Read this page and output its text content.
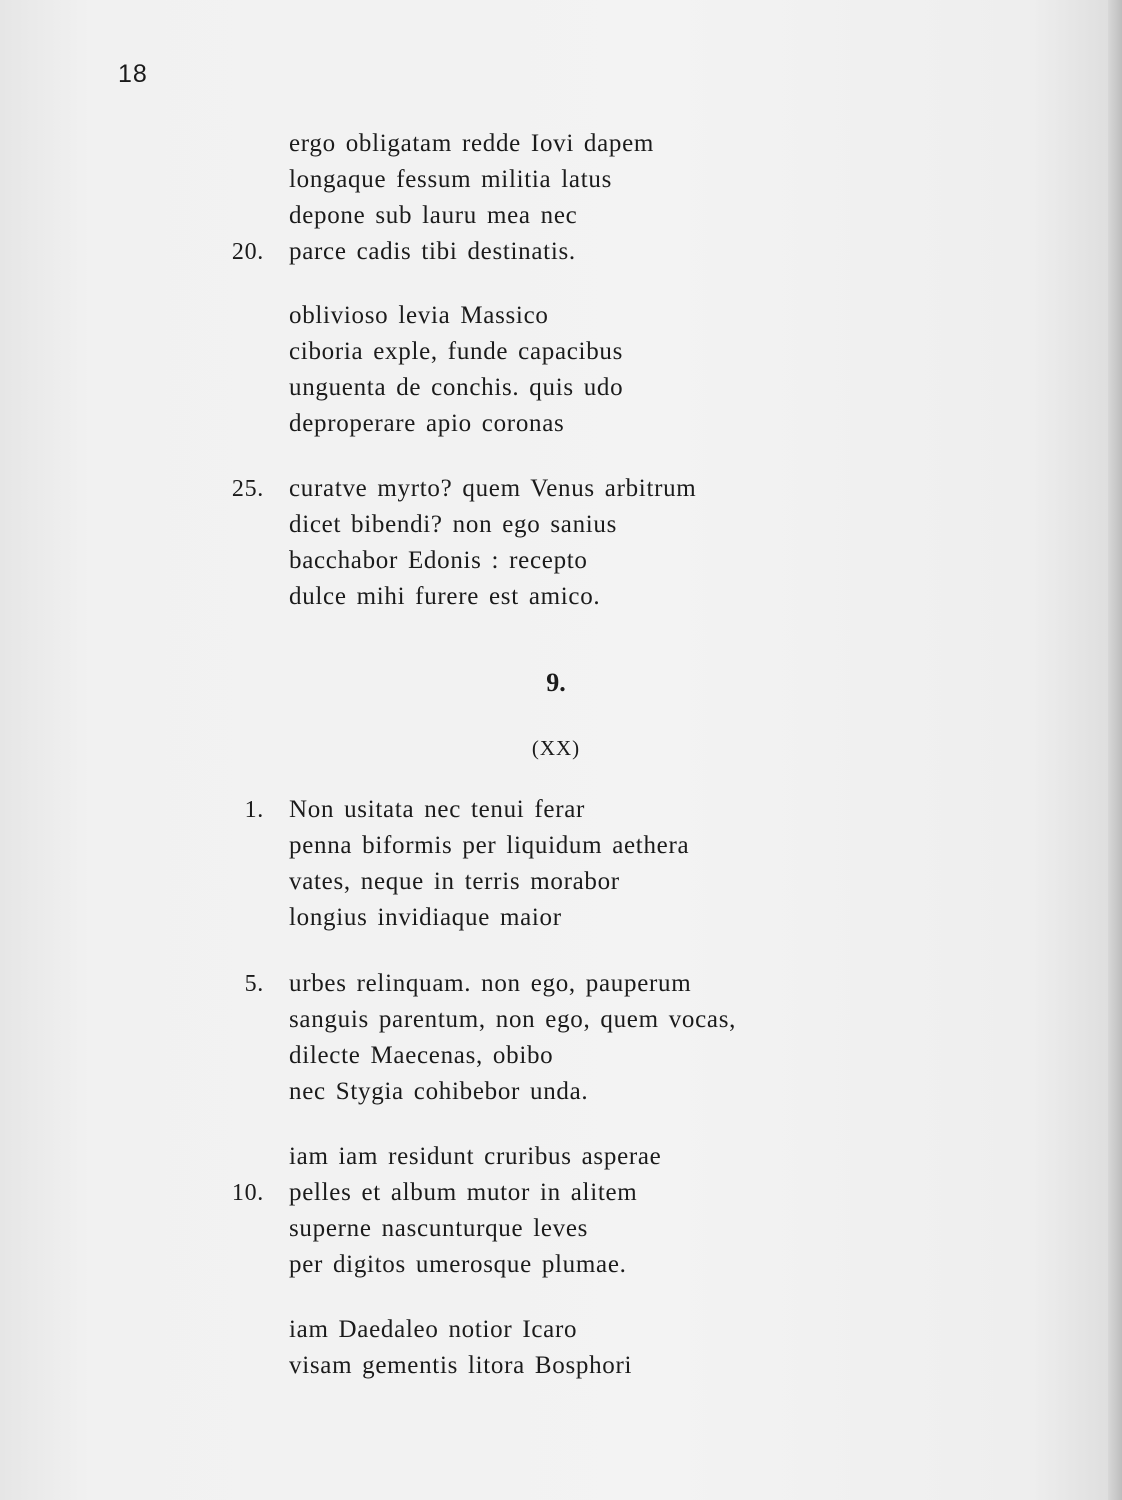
18
ergo obligatam redde Iovi dapem
longaque fessum militia latus
depone sub lauru mea nec
20. parce cadis tibi destinatis.
oblivioso levia Massico
ciboria exple, funde capacibus
unguenta de conchis. quis udo
deproperare apio coronas
25. curatve myrto? quem Venus arbitrum
dicet bibendi? non ego sanius
bacchabor Edonis : recepto
dulce mihi furere est amico.
9.
(XX)
1. Non usitata nec tenui ferar
penna biformis per liquidum aethera
vates, neque in terris morabor
longius invidiaque maior
5. urbes relinquam. non ego, pauperum
sanguis parentum, non ego, quem vocas,
dilecte Maecenas, obibo
nec Stygia cohibebor unda.
iam iam residunt cruribus asperae
10. pelles et album mutor in alitem
superne nascunturque leves
per digitos umerosque plumae.
iam Daedaleo notior Icaro
visam gementis litora Bosphori
